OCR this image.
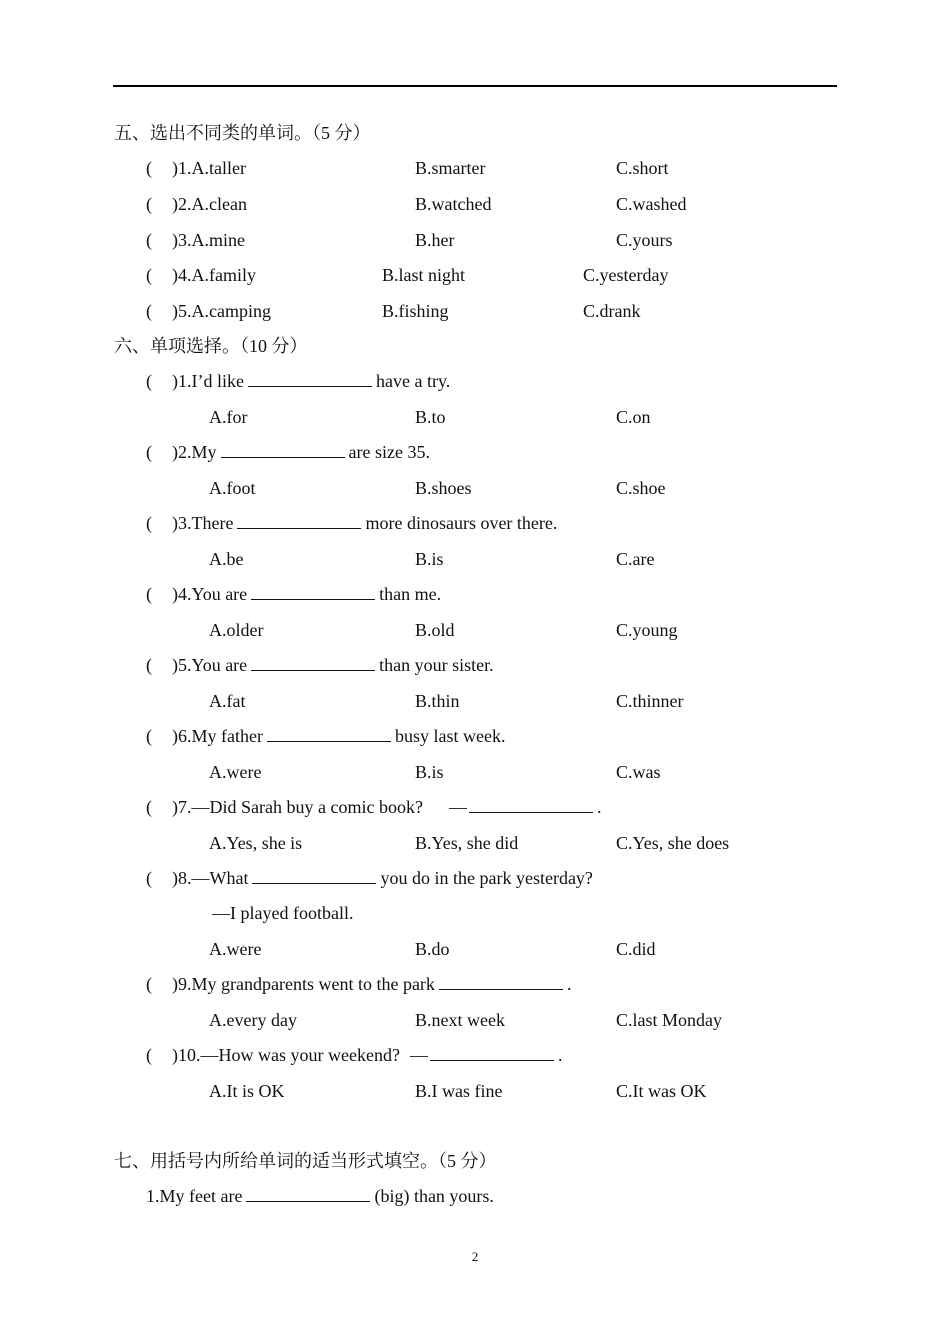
五、选出不同类的单词。（5 分）
( )1.A.taller	B.smarter	C.short
( )2.A.clean	B.watched	C.washed
( )3.A.mine	B.her	C.yours
( )4.A.family	B.last night	C.yesterday
( )5.A.camping	B.fishing	C.drank
六、单项选择。（10 分）
( )1.I’d like	have a try.
A.for	B.to	C.on
( )2.My	are size 35.
A.foot	B.shoes	C.shoe
( )3.There	more dinosaurs over there.
A.be	B.is	C.are
( )4.You are	than me.
A.older	B.old	C.young
( )5.You are	than your sister.
A.fat	B.thin	C.thinner
( )6.My father	busy last week.
A.were	B.is	C.was
( )7.—Did Sarah buy a comic book? —	.
A.Yes, she is	B.Yes, she did	C.Yes, she does
( )8.—What	you do in the park yesterday?
—I played football.
A.were	B.do	C.did
( )9.My grandparents went to the park	.
A.every day	B.next week	C.last Monday
( )10.—How was your weekend? —	.
A.It is OK	B.I was fine	C.It was OK
七、用括号内所给单词的适当形式填空。（5 分）
1.My feet are	(big) than yours.
2
